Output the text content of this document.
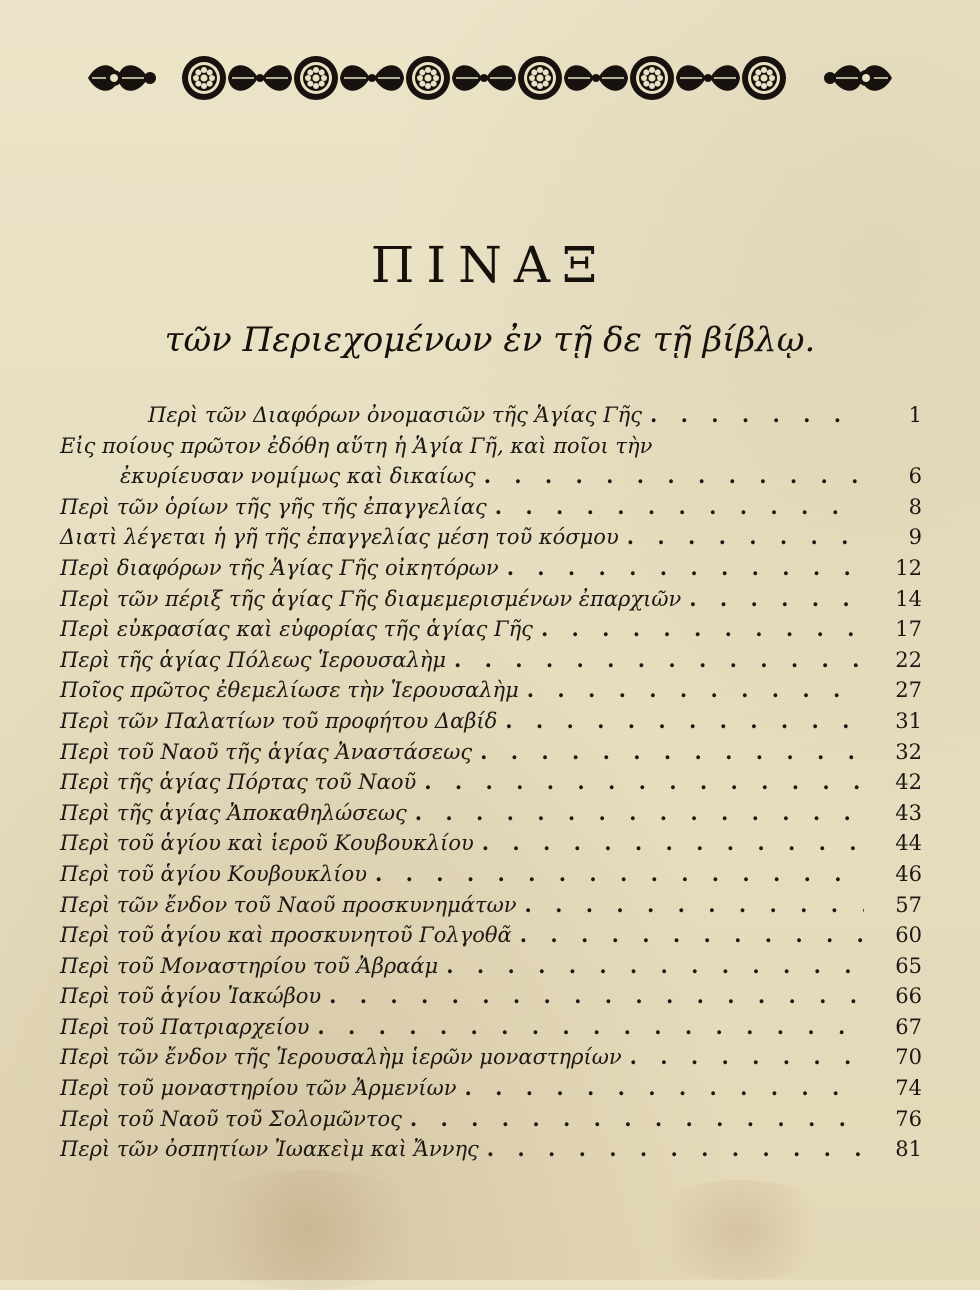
ΠΙΝΑΞ
τῶν Περιεχομένων ἐν τῇ δε τῇ βίβλῳ.
Περὶ τῶν Διαφόρων ὀνομασιῶν τῆς Ἁγίας Γῆς . . .	1
Εἰς ποίους πρῶτον ἐδόθη αὕτη ἡ Ἁγία Γῆ, καὶ ποῖοι τὴν
ἐκυρίευσαν νομίμως καὶ δικαίως . . .	6
Περὶ τῶν ὁρίων τῆς γῆς τῆς ἐπαγγελίας . . .	8
Διατὶ λέγεται ἡ γῆ τῆς ἐπαγγελίας μέση τοῦ κόσμου . . .	9
Περὶ διαφόρων τῆς Ἁγίας Γῆς οἰκητόρων . . .	12
Περὶ τῶν πέριξ τῆς ἁγίας Γῆς διαμεμερισμένων ἐπαρχιῶν . . .	14
Περὶ εὐκρασίας καὶ εὐφορίας τῆς ἁγίας Γῆς . . .	17
Περὶ τῆς ἁγίας Πόλεως Ἱερουσαλὴμ . . .	22
Ποῖος πρῶτος ἐθεμελίωσε τὴν Ἱερουσαλὴμ . . .	27
Περὶ τῶν Παλατίων τοῦ προφήτου Δαβίδ . . .	31
Περὶ τοῦ Ναοῦ τῆς ἁγίας Ἀναστάσεως . . .	32
Περὶ τῆς ἁγίας Πόρτας τοῦ Ναοῦ . . .	42
Περὶ τῆς ἁγίας Ἀποκαθηλώσεως . . .	43
Περὶ τοῦ ἁγίου καὶ ἱεροῦ Κουβουκλίου . . .	44
Περὶ τοῦ ἁγίου Κουβουκλίου . . .	46
Περὶ τῶν ἔνδον τοῦ Ναοῦ προσκυνημάτων . . .	57
Περὶ τοῦ ἁγίου καὶ προσκυνητοῦ Γολγοθᾶ . . .	60
Περὶ τοῦ Μοναστηρίου τοῦ Ἀβραάμ . . .	65
Περὶ τοῦ ἁγίου Ἰακώβου . . .	66
Περὶ τοῦ Πατριαρχείου . . .	67
Περὶ τῶν ἔνδον τῆς Ἱερουσαλὴμ ἱερῶν μοναστηρίων . . .	70
Περὶ τοῦ μοναστηρίου τῶν Ἀρμενίων . . .	74
Περὶ τοῦ Ναοῦ τοῦ Σολομῶντος . . .	76
Περὶ τῶν ὀσπητίων Ἰωακεὶμ καὶ Ἄννης . . .	81
